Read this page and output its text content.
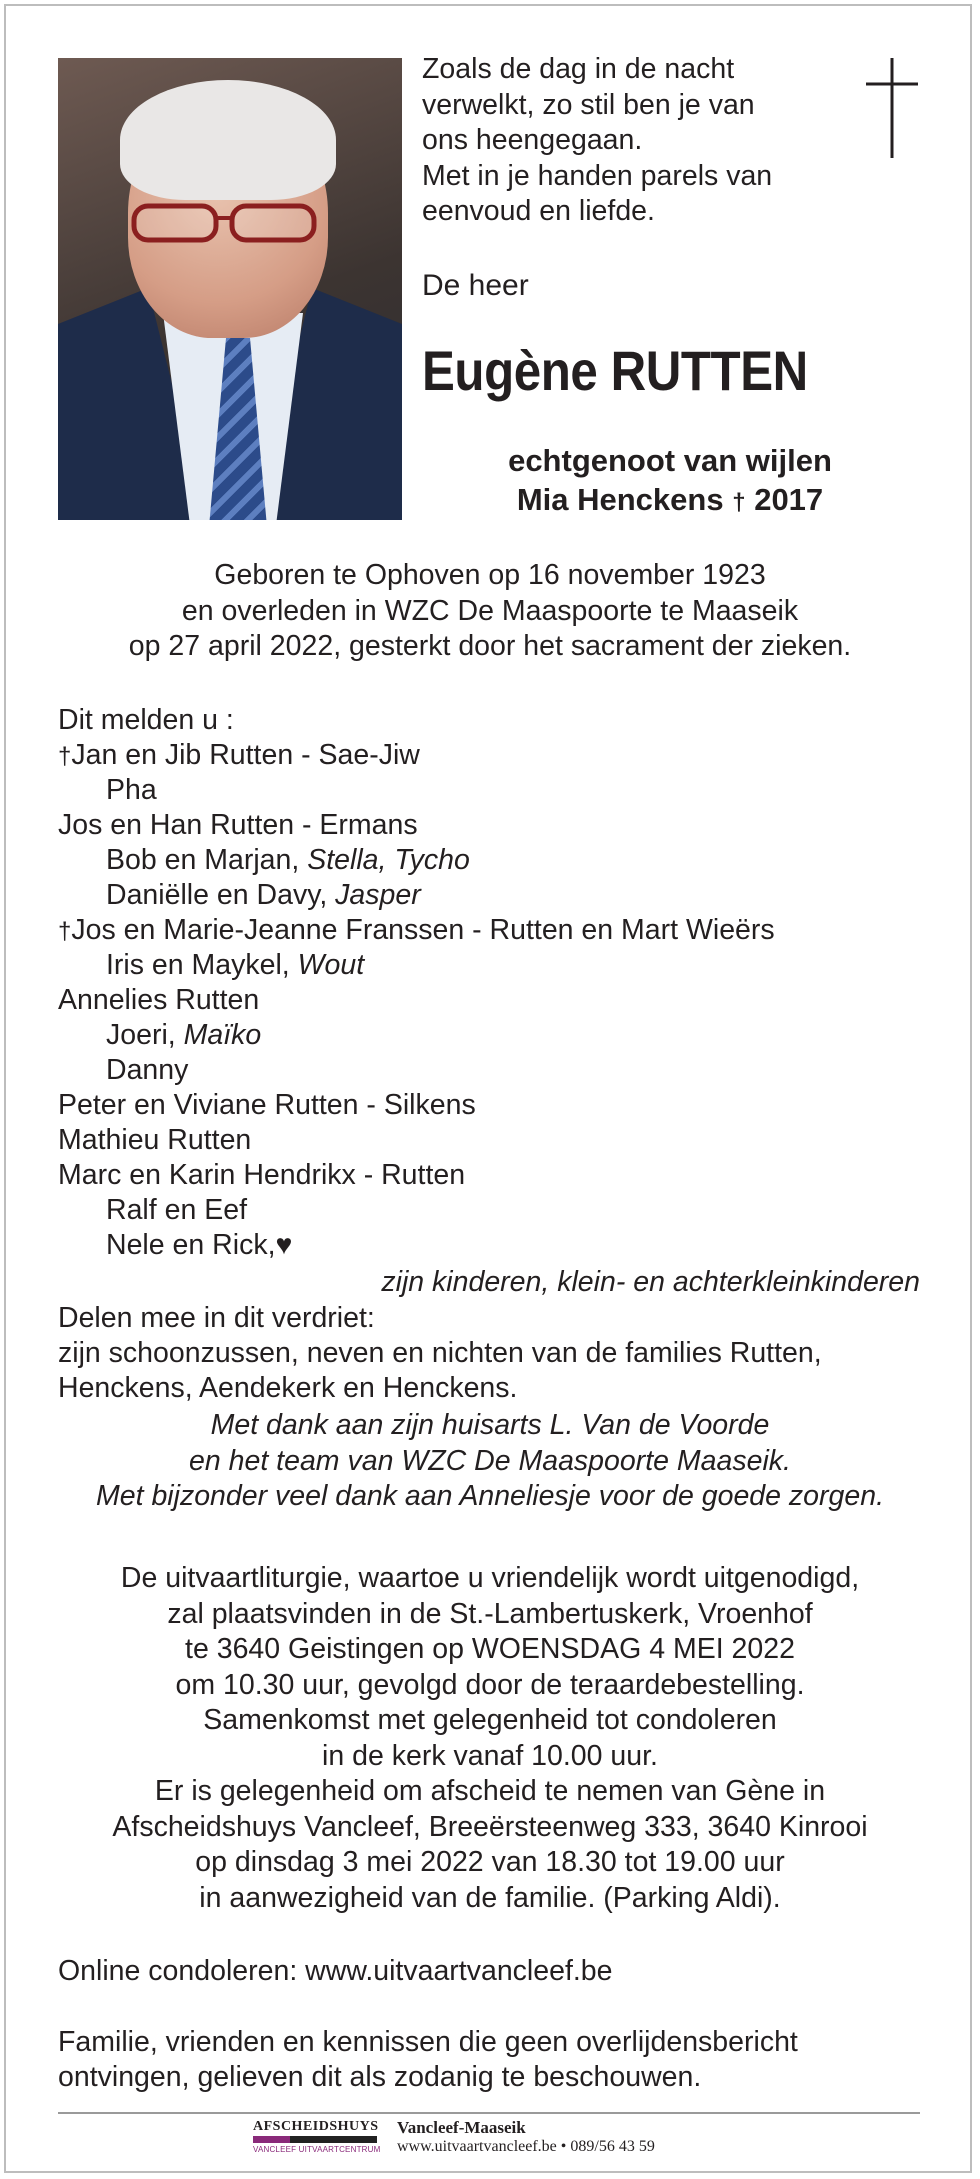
Zoals de dag in de nacht
verwelkt, zo stil ben je van
ons heengegaan.
Met in je handen parels van
eenvoud en liefde.
De heer
Eugène RUTTEN
echtgenoot van wijlen
Mia Henckens † 2017
Geboren te Ophoven op 16 november 1923
en overleden in WZC De Maaspoorte te Maaseik
op 27 april 2022, gesterkt door het sacrament der zieken.
Dit melden u :
†Jan en Jib Rutten - Sae-Jiw
Pha
Jos en Han Rutten - Ermans
Bob en Marjan, Stella, Tycho
Daniëlle en Davy, Jasper
†Jos en Marie-Jeanne Franssen - Rutten en Mart Wieërs
Iris en Maykel, Wout
Annelies Rutten
Joeri, Maïko
Danny
Peter en Viviane Rutten - Silkens
Mathieu Rutten
Marc en Karin Hendrikx - Rutten
Ralf en Eef
Nele en Rick,♥
zijn kinderen, klein- en achterkleinkinderen
Delen mee in dit verdriet:
zijn schoonzussen, neven en nichten van de families Rutten,
Henckens, Aendekerk en Henckens.
Met dank aan zijn huisarts L. Van de Voorde
en het team van WZC De Maaspoorte Maaseik.
Met bijzonder veel dank aan Anneliesje voor de goede zorgen.
De uitvaartliturgie, waartoe u vriendelijk wordt uitgenodigd,
zal plaatsvinden in de St.-Lambertuskerk, Vroenhof
te 3640 Geistingen op WOENSDAG 4 MEI 2022
om 10.30 uur, gevolgd door de teraardebestelling.
Samenkomst met gelegenheid tot condoleren
in de kerk vanaf 10.00 uur.
Er is gelegenheid om afscheid te nemen van Gène in
Afscheidshuys Vancleef, Breeërsteenweg 333, 3640 Kinrooi
op dinsdag 3 mei 2022 van 18.30 tot 19.00 uur
in aanwezigheid van de familie. (Parking Aldi).
Online condoleren: www.uitvaartvancleef.be
Familie, vrienden en kennissen die geen overlijdensbericht
ontvingen, gelieven dit als zodanig te beschouwen.
AFSCHEIDSHUYS
VANCLEEF UITVAARTCENTRUM
Vancleef-Maaseik
www.uitvaartvancleef.be • 089/56 43 59
